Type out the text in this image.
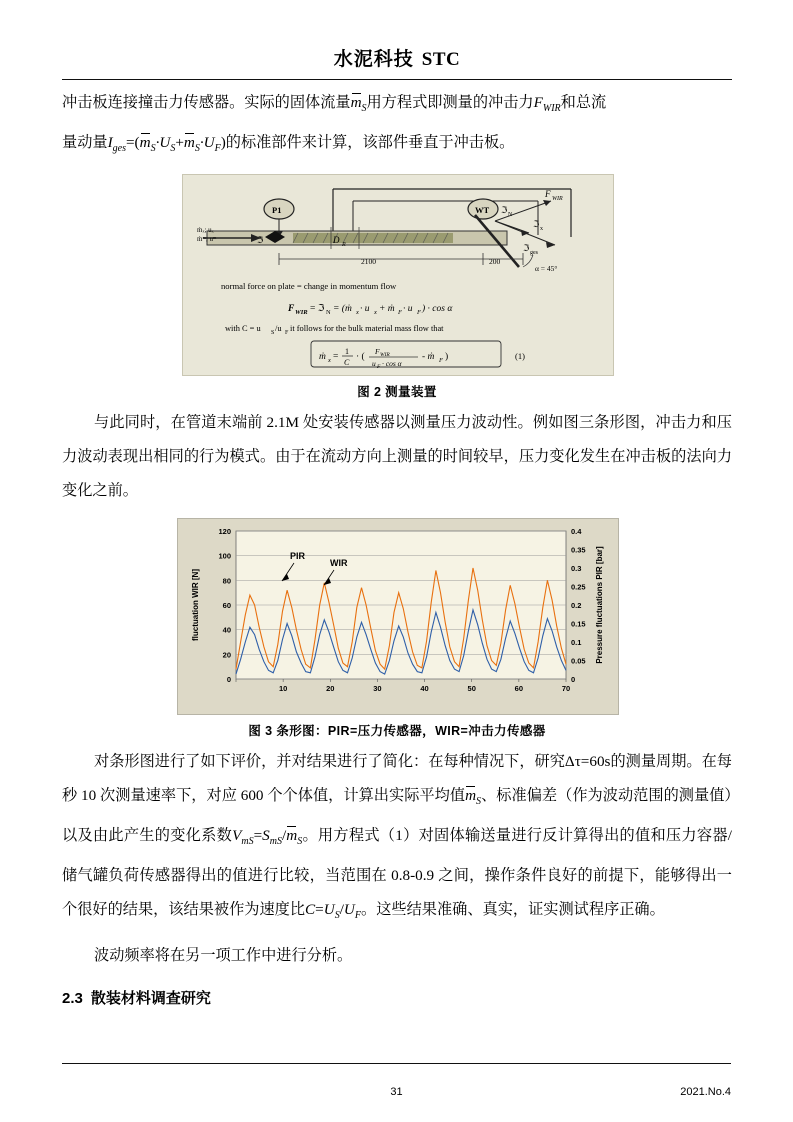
水泥科技 STC

冲击板连接撞击力传感器。实际的固体流量$m_S$用方程式即测量的冲击力$F_{WIR}$和总流
量动量$I_{ges}=(m_S\cdot U_S+m_S\cdot U_F)$的标准部件来计算，该部件垂直于冲击板。

P1	WT
F WIR
ℑ N
ℑ x
ℑ ges
ℑ	D R
ṁₓ; uₓ
ṁᵐ; uᵐ
2100	200
α = 45°
normal force on plate = change in momentum flow
F WIR = ℑ N = (ṁ x · u x + ṁ F · u F ) · cos α
with C = u S /u F it follows for the bulk material mass flow that
ṁ x =
1
C
· (
F WIR
u F · cos α
- ṁ F )	(1)
图 2 测量装置

与此同时，在管道末端前 2.1M 处安装传感器以测量压力波动性。例如图三条形图，冲击力和压力波动表现出相同的行为模式。由于在流动方向上测量的时间较早，压力变化发生在冲击板的法向力变化之前。

0
20
40
60
80
100
120
0
0.05
0.1
0.15
0.2
0.25
0.3
0.35
0.4
10	20	30	40	50	60	70
fluctuation WIR [N]	Pressure fluctuations PIR [bar]
PIR
WIR
图 3 条形图：PIR=压力传感器，WIR=冲击力传感器

对条形图进行了如下评价，并对结果进行了简化：在每种情况下，研究Δτ=60s的测量周期。在每秒 10 次测量速率下，对应 600 个个体值，计算出实际平均值$m_S$、标准偏差（作为波动范围的测量值）以及由此产生的变化系数$V_{mS}=S_{mS}/m_S$。用方程式（1）对固体输送量进行反计算得出的值和压力容器/储气罐负荷传感器得出的值进行比较，当范围在 0.8-0.9 之间，操作条件良好的前提下，能够得出一个很好的结果，该结果被作为速度比$C=U_S/U_F$。这些结果准确、真实，证实测试程序正确。

波动频率将在另一项工作中进行分析。

2.3 散装材料调查研究
31	2021.No.4
